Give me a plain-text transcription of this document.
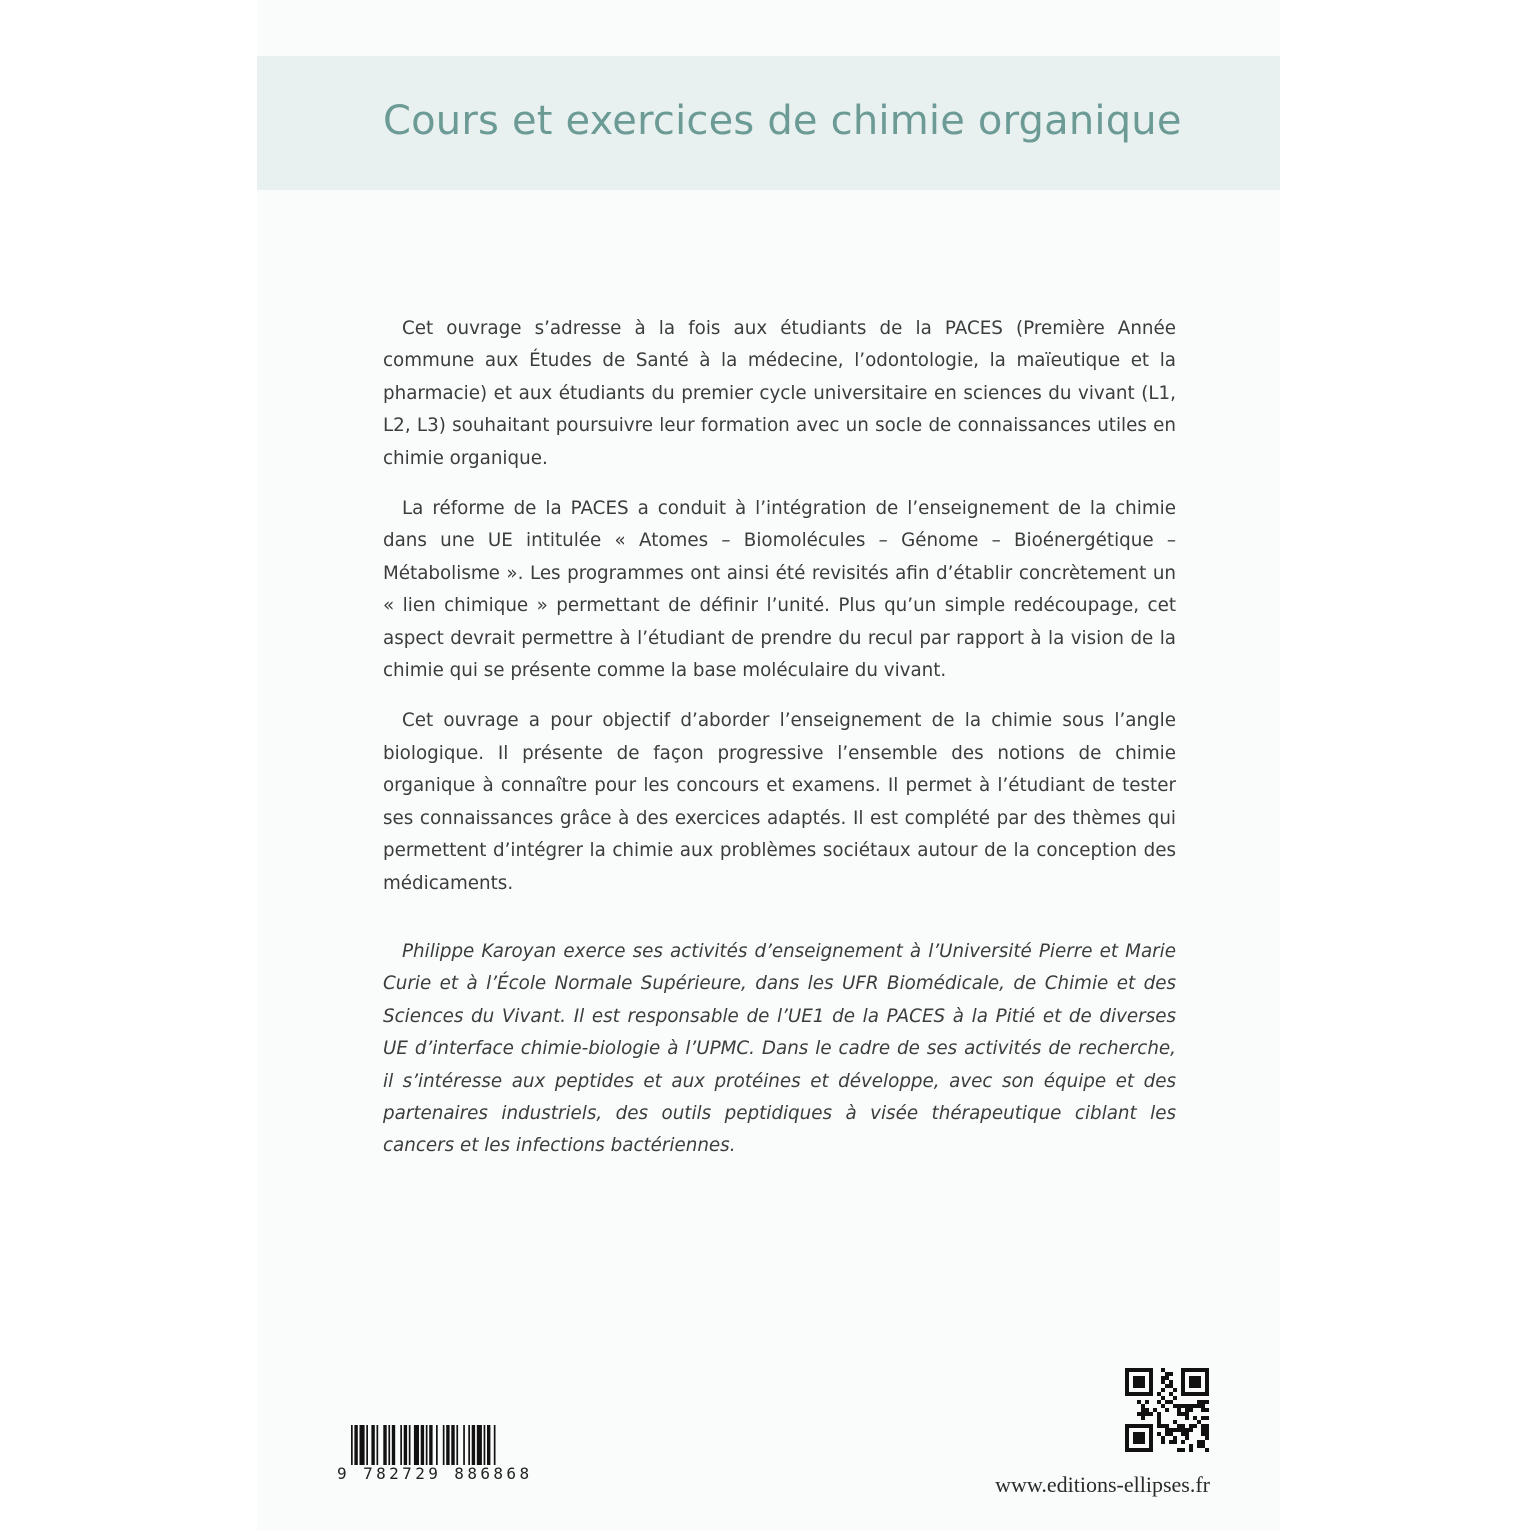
Cours et exercices de chimie organique

Cet ouvrage s’adresse à la fois aux étudiants de la PACES (Première Année commune aux Études de Santé à la médecine, l’odontologie, la maïeutique et la pharmacie) et aux étudiants du premier cycle universitaire en sciences du vivant (L1, L2, L3) souhaitant poursuivre leur formation avec un socle de connaissances utiles en chimie organique.

La réforme de la PACES a conduit à l’intégration de l’enseignement de la chimie dans une UE intitulée « Atomes – Biomolécules – Génome – Bioénergétique – Métabolisme ». Les programmes ont ainsi été revisités afin d’établir concrètement un « lien chimique » permettant de définir l’unité. Plus qu’un simple redécoupage, cet aspect devrait permettre à l’étudiant de prendre du recul par rapport à la vision de la chimie qui se présente comme la base moléculaire du vivant.

Cet ouvrage a pour objectif d’aborder l’enseignement de la chimie sous l’angle biologique. Il présente de façon progressive l’ensemble des notions de chimie organique à connaître pour les concours et examens. Il permet à l’étudiant de tester ses connaissances grâce à des exercices adaptés. Il est complété par des thèmes qui permettent d’intégrer la chimie aux problèmes sociétaux autour de la conception des médicaments.

Philippe Karoyan exerce ses activités d’enseignement à l’Université Pierre et Marie Curie et à l’École Normale Supérieure, dans les UFR Biomédicale, de Chimie et des Sciences du Vivant. Il est responsable de l’UE1 de la PACES à la Pitié et de diverses UE d’interface chimie-biologie à l’UPMC. Dans le cadre de ses activités de recherche, il s’intéresse aux peptides et aux protéines et développe, avec son équipe et des partenaires industriels, des outils peptidiques à visée thérapeutique ciblant les cancers et les infections bactériennes.

9 782729 886868	www.editions-ellipses.fr
